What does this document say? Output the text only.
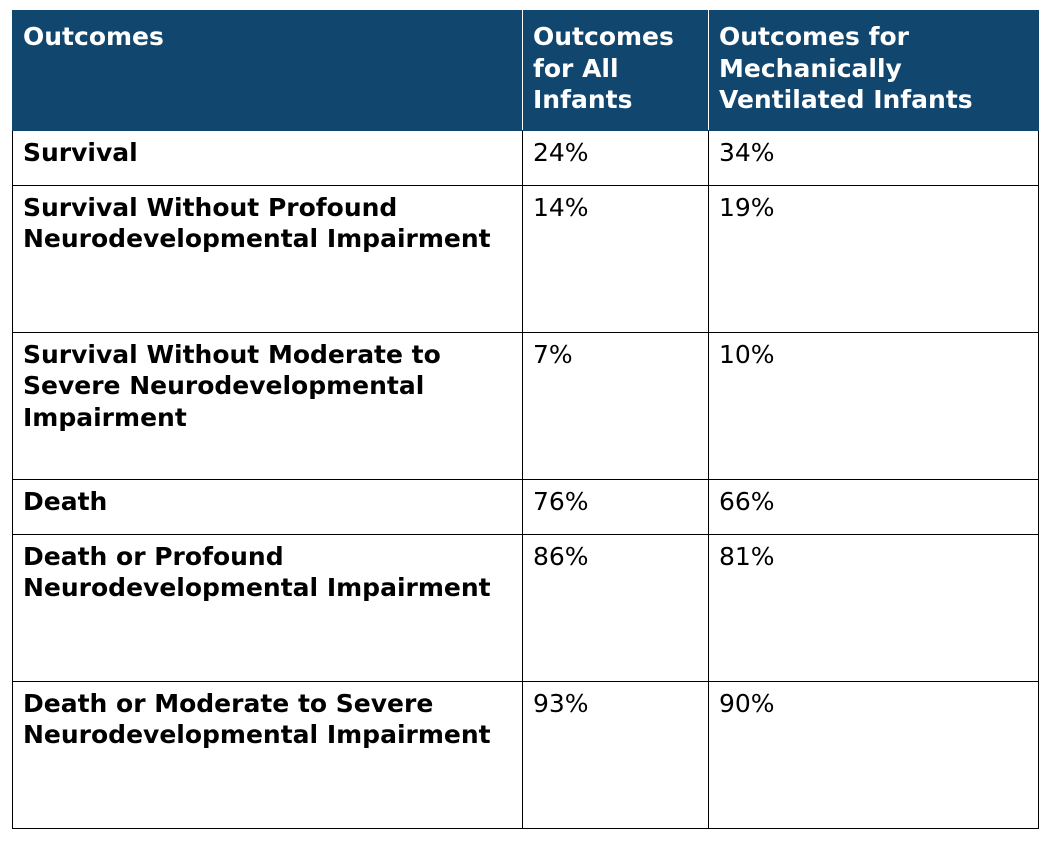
Outcomes	Outcomes for All Infants	Outcomes for Mechanically Ventilated Infants
Survival	24%	34%
Survival Without Profound Neurodevelopmental Impairment	14%	19%
Survival Without Moderate to Severe Neurodevelopmental Impairment	7%	10%
Death	76%	66%
Death or Profound Neurodevelopmental Impairment	86%	81%
Death or Moderate to Severe Neurodevelopmental Impairment	93%	90%
